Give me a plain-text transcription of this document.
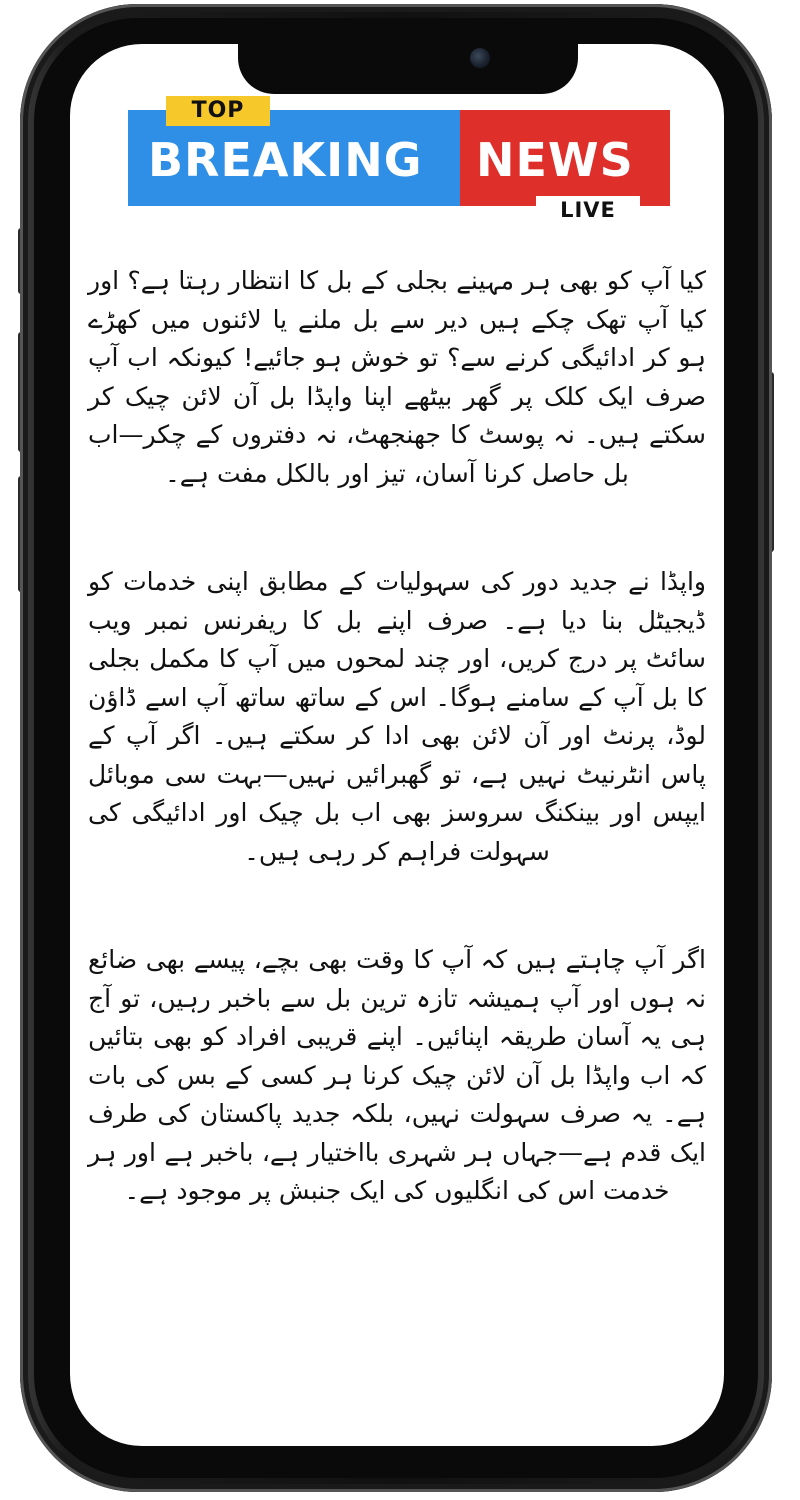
TOP
BREAKING NEWS
LIVE

کیا آپ کو بھی ہر مہینے بجلی کے بل کا انتظار رہتا ہے؟ اور کیا آپ تھک چکے ہیں دیر سے بل ملنے یا لائنوں میں کھڑے ہو کر ادائیگی کرنے سے؟ تو خوش ہو جائیے! کیونکہ اب آپ صرف ایک کلک پر گھر بیٹھے اپنا واپڈا بل آن لائن چیک کر سکتے ہیں۔ نہ پوسٹ کا جھنجھٹ، نہ دفتروں کے چکر—اب بل حاصل کرنا آسان، تیز اور بالکل مفت ہے۔

واپڈا نے جدید دور کی سہولیات کے مطابق اپنی خدمات کو ڈیجیٹل بنا دیا ہے۔ صرف اپنے بل کا ریفرنس نمبر ویب سائٹ پر درج کریں، اور چند لمحوں میں آپ کا مکمل بجلی کا بل آپ کے سامنے ہوگا۔ اس کے ساتھ ساتھ آپ اسے ڈاؤن لوڈ، پرنٹ اور آن لائن بھی ادا کر سکتے ہیں۔ اگر آپ کے پاس انٹرنیٹ نہیں ہے، تو گھبرائیں نہیں—بہت سی موبائل ایپس اور بینکنگ سروسز بھی اب بل چیک اور ادائیگی کی سہولت فراہم کر رہی ہیں۔

اگر آپ چاہتے ہیں کہ آپ کا وقت بھی بچے، پیسے بھی ضائع نہ ہوں اور آپ ہمیشہ تازہ ترین بل سے باخبر رہیں، تو آج ہی یہ آسان طریقہ اپنائیں۔ اپنے قریبی افراد کو بھی بتائیں کہ اب واپڈا بل آن لائن چیک کرنا ہر کسی کے بس کی بات ہے۔ یہ صرف سہولت نہیں، بلکہ جدید پاکستان کی طرف ایک قدم ہے—جہاں ہر شہری بااختیار ہے، باخبر ہے اور ہر خدمت اس کی انگلیوں کی ایک جنبش پر موجود ہے۔
